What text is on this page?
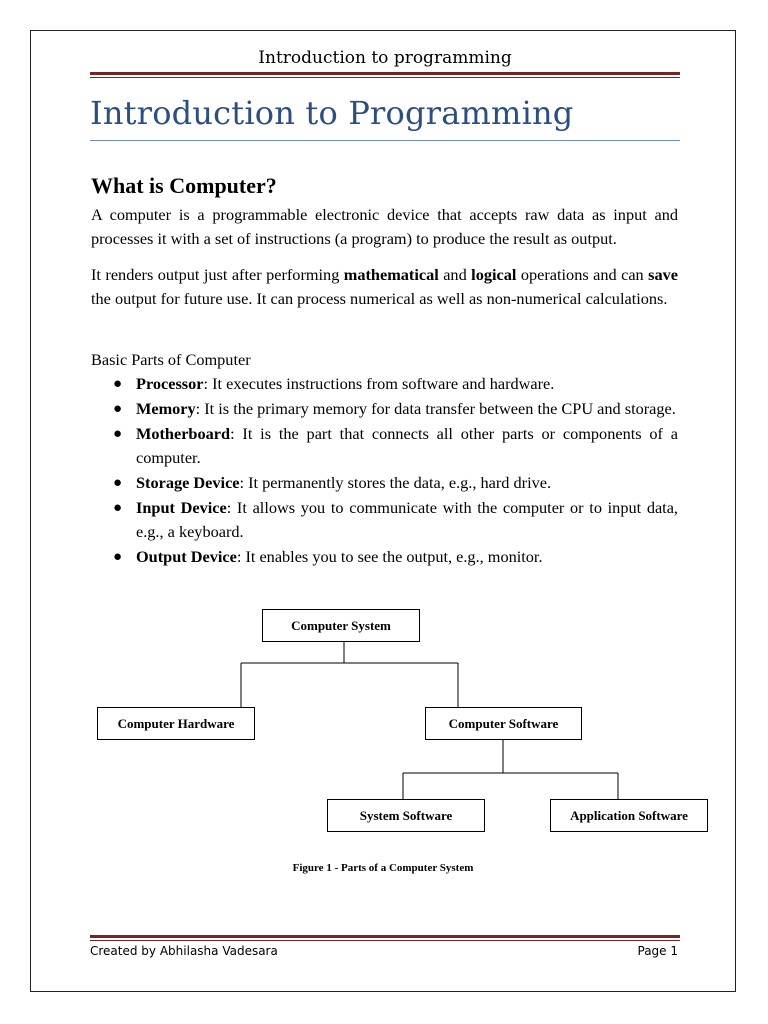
Introduction to programming
Introduction to Programming
What is Computer?

A computer is a programmable electronic device that accepts raw data as input and processes it with a set of instructions (a program) to produce the result as output.

It renders output just after performing mathematical and logical operations and can save the output for future use. It can process numerical as well as non-numerical calculations.

Basic Parts of Computer

● Processor: It executes instructions from software and hardware.
● Memory: It is the primary memory for data transfer between the CPU and storage.
● Motherboard: It is the part that connects all other parts or components of a computer.
● Storage Device: It permanently stores the data, e.g., hard drive.
● Input Device: It allows you to communicate with the computer or to input data, e.g., a keyboard.
● Output Device: It enables you to see the output, e.g., monitor.
Computer System
Computer Hardware	Computer Software
System Software	Application Software
Figure 1 - Parts of a Computer System
Created by Abhilasha Vadesara	Page 1
